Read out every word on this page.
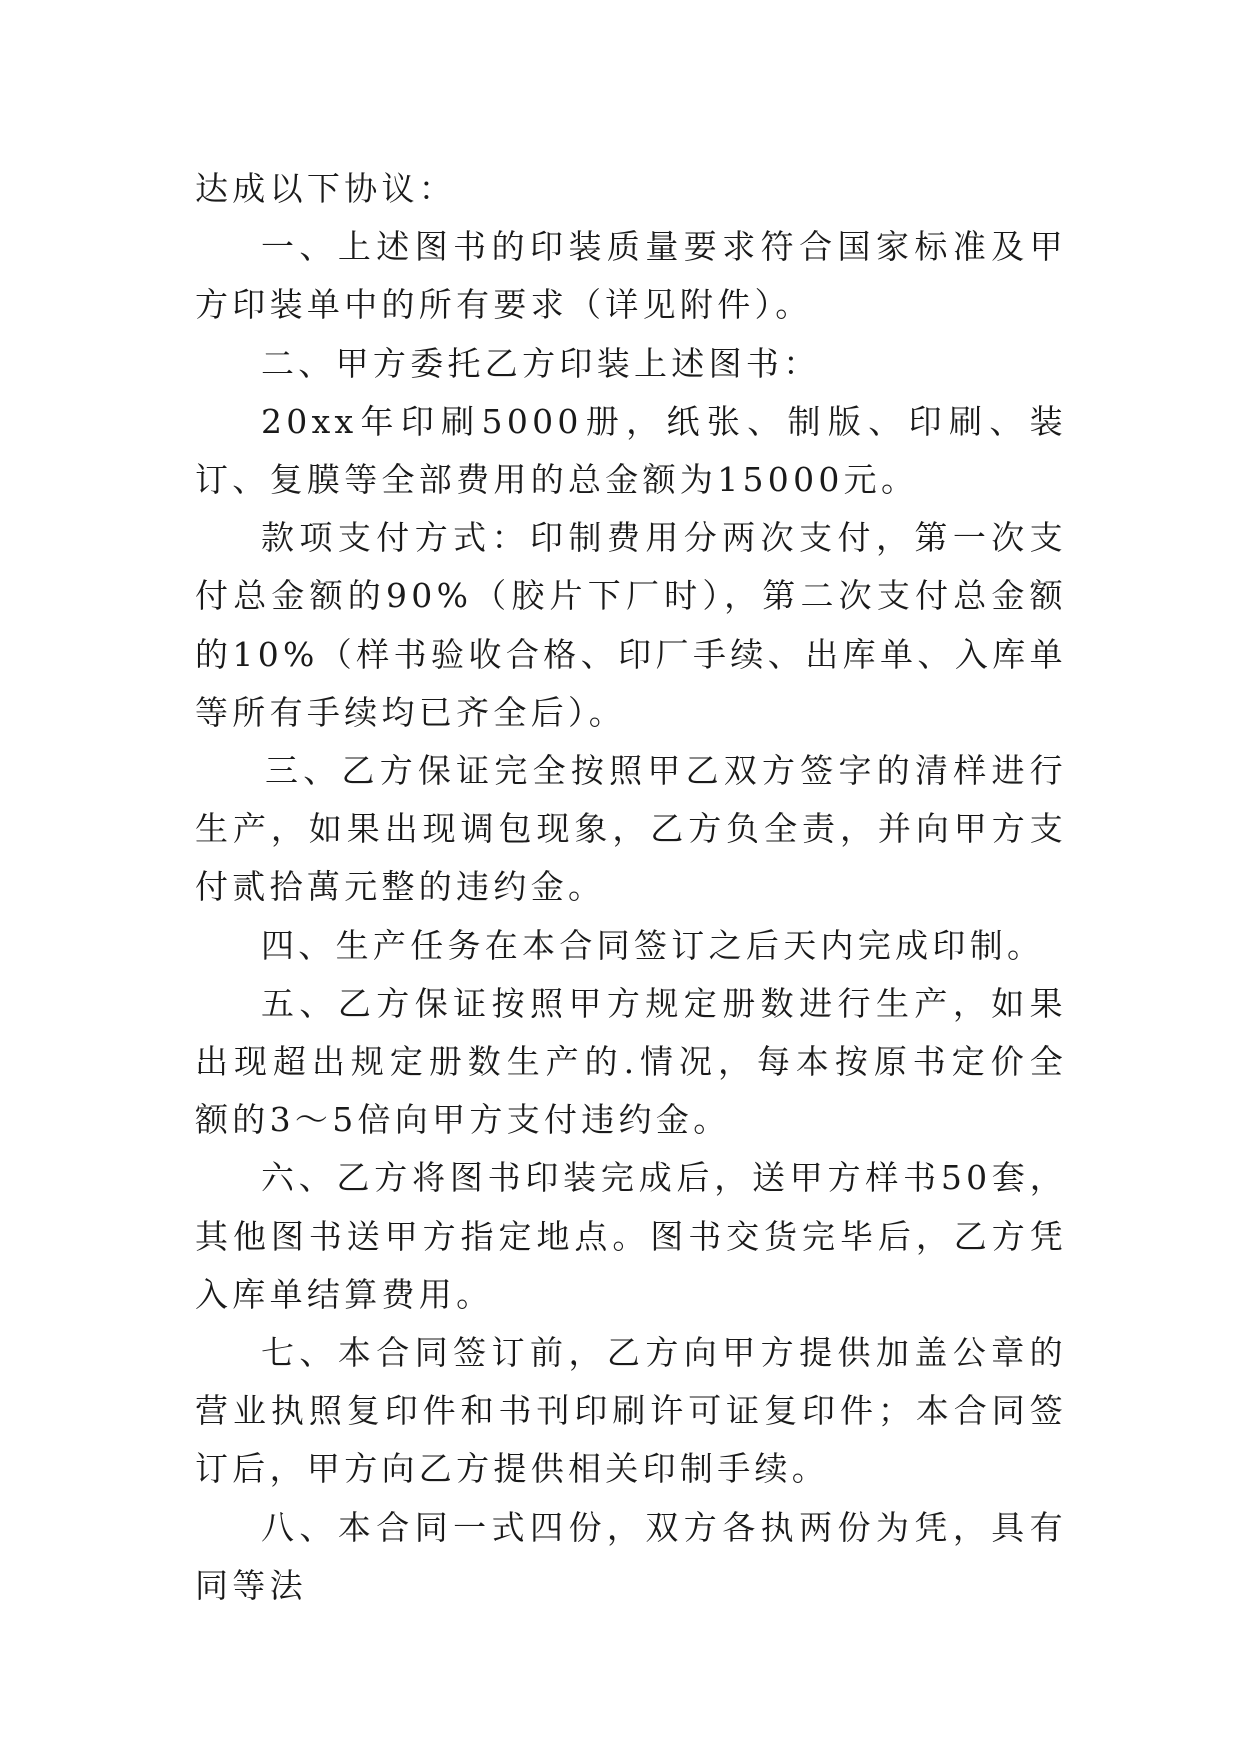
达成以下协议：

一、上述图书的印装质量要求符合国家标准及甲方印装单中的所有要求（详见附件）。

二、甲方委托乙方印装上述图书：

20xx年印刷5000册，纸张、制版、印刷、装订、复膜等全部费用的总金额为15000元。

款项支付方式：印制费用分两次支付，第一次支付总金额的90%（胶片下厂时），第二次支付总金额的10%（样书验收合格、印厂手续、出库单、入库单等所有手续均已齐全后）。

三、乙方保证完全按照甲乙双方签字的清样进行生产，如果出现调包现象，乙方负全责，并向甲方支付贰拾萬元整的违约金。

四、生产任务在本合同签订之后天内完成印制。

五、乙方保证按照甲方规定册数进行生产，如果出现超出规定册数生产的.情况，每本按原书定价全额的3～5倍向甲方支付违约金。

六、乙方将图书印装完成后，送甲方样书50套，其他图书送甲方指定地点。图书交货完毕后，乙方凭入库单结算费用。

七、本合同签订前，乙方向甲方提供加盖公章的营业执照复印件和书刊印刷许可证复印件；本合同签订后，甲方向乙方提供相关印制手续。

八、本合同一式四份，双方各执两份为凭，具有同等法
